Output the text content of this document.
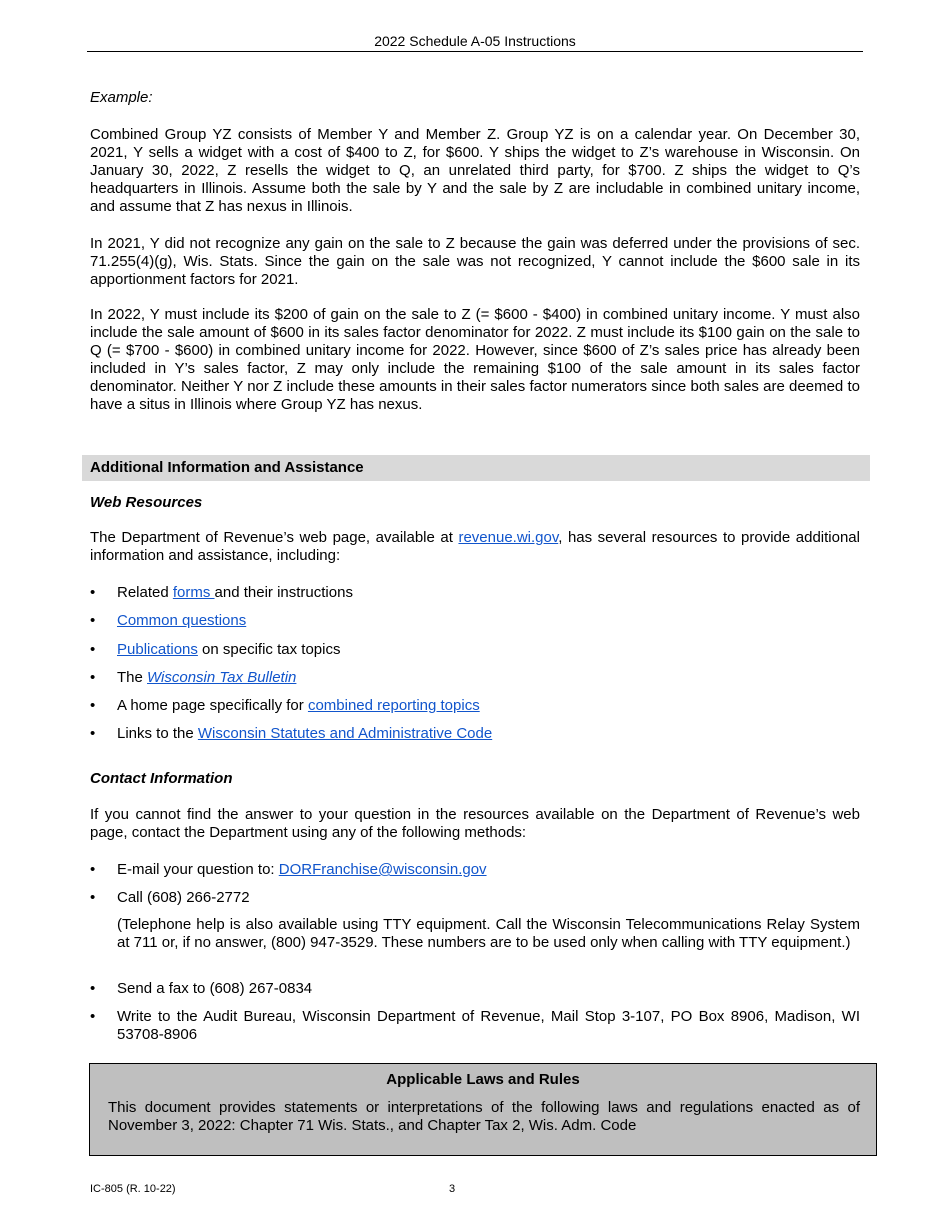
2022 Schedule A-05 Instructions
Example:
Combined Group YZ consists of Member Y and Member Z. Group YZ is on a calendar year. On December 30, 2021, Y sells a widget with a cost of $400 to Z, for $600. Y ships the widget to Z’s warehouse in Wisconsin. On January 30, 2022, Z resells the widget to Q, an unrelated third party, for $700. Z ships the widget to Q’s headquarters in Illinois. Assume both the sale by Y and the sale by Z are includable in combined unitary income, and assume that Z has nexus in Illinois.
In 2021, Y did not recognize any gain on the sale to Z because the gain was deferred under the provisions of sec. 71.255(4)(g), Wis. Stats. Since the gain on the sale was not recognized, Y cannot include the $600 sale in its apportionment factors for 2021.
In 2022, Y must include its $200 of gain on the sale to Z (= $600 - $400) in combined unitary income. Y must also include the sale amount of $600 in its sales factor denominator for 2022. Z must include its $100 gain on the sale to Q (= $700 - $600) in combined unitary income for 2022. However, since $600 of Z’s sales price has already been included in Y’s sales factor, Z may only include the remaining $100 of the sale amount in its sales factor denominator. Neither Y nor Z include these amounts in their sales factor numerators since both sales are deemed to have a situs in Illinois where Group YZ has nexus.
Additional Information and Assistance
Web Resources
The Department of Revenue’s web page, available at revenue.wi.gov, has several resources to provide additional information and assistance, including:
• Related forms and their instructions
• Common questions
• Publications on specific tax topics
• The Wisconsin Tax Bulletin
• A home page specifically for combined reporting topics
• Links to the Wisconsin Statutes and Administrative Code
Contact Information
If you cannot find the answer to your question in the resources available on the Department of Revenue’s web page, contact the Department using any of the following methods:
• E-mail your question to: DORFranchise@wisconsin.gov
• Call (608) 266-2772
(Telephone help is also available using TTY equipment. Call the Wisconsin Telecommunications Relay System at 711 or, if no answer, (800) 947-3529. These numbers are to be used only when calling with TTY equipment.)
• Send a fax to (608) 267-0834
• Write to the Audit Bureau, Wisconsin Department of Revenue, Mail Stop 3-107, PO Box 8906, Madison, WI 53708-8906
Applicable Laws and Rules
This document provides statements or interpretations of the following laws and regulations enacted as of November 3, 2022: Chapter 71 Wis. Stats., and Chapter Tax 2, Wis. Adm. Code
IC-805 (R. 10-22)	3
